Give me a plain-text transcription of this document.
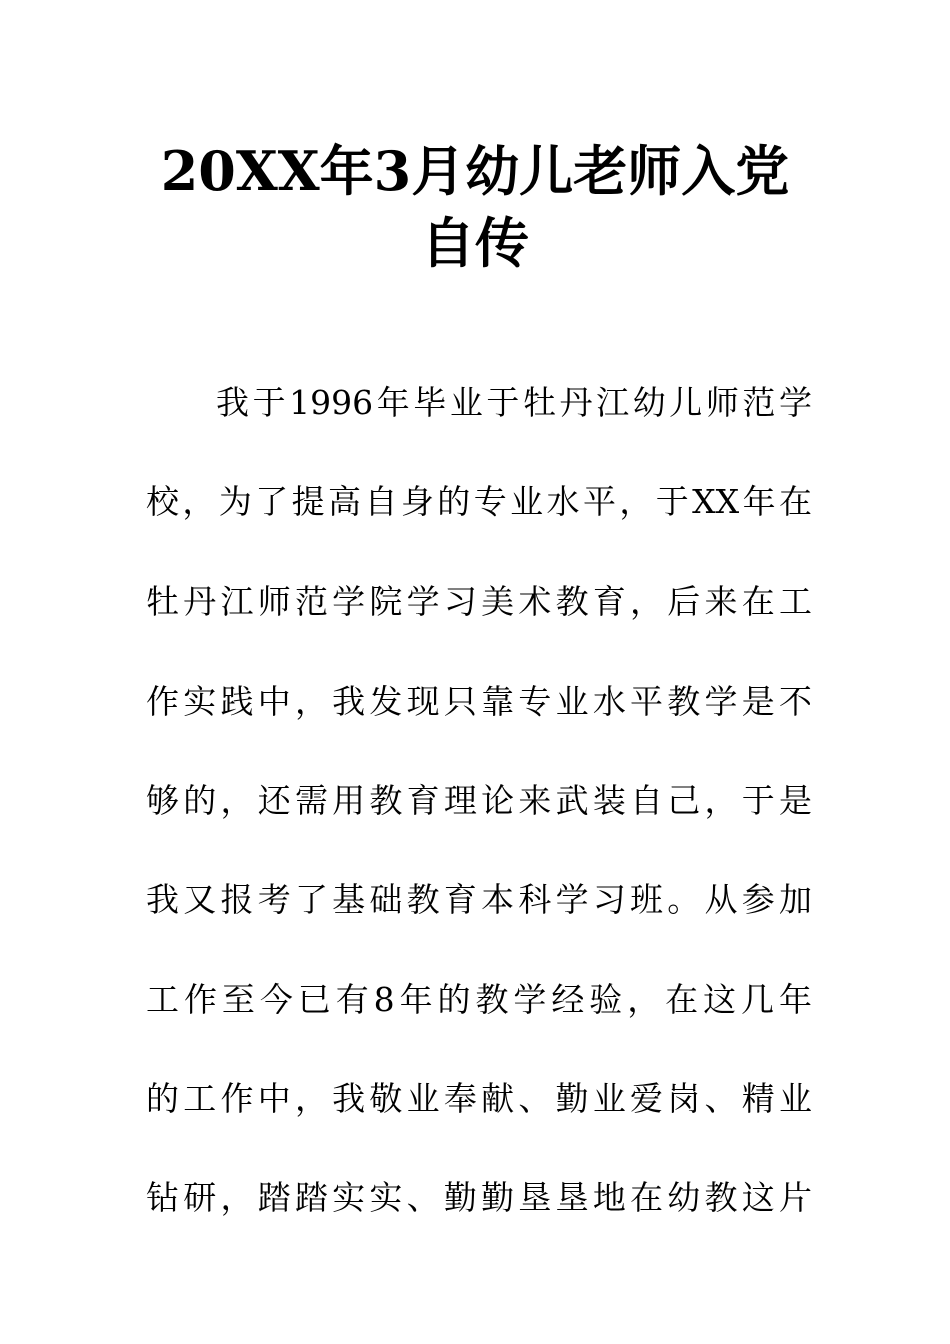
20XX年3月幼儿老师入党
自传
我于1996年毕业于牡丹江幼儿师范学
校，为了提高自身的专业水平，于XX年在
牡丹江师范学院学习美术教育，后来在工
作实践中，我发现只靠专业水平教学是不
够的，还需用教育理论来武装自己，于是
我又报考了基础教育本科学习班。从参加
工作至今已有8年的教学经验，在这几年
的工作中，我敬业奉献、勤业爱岗、精业
钻研，踏踏实实、勤勤垦垦地在幼教这片
